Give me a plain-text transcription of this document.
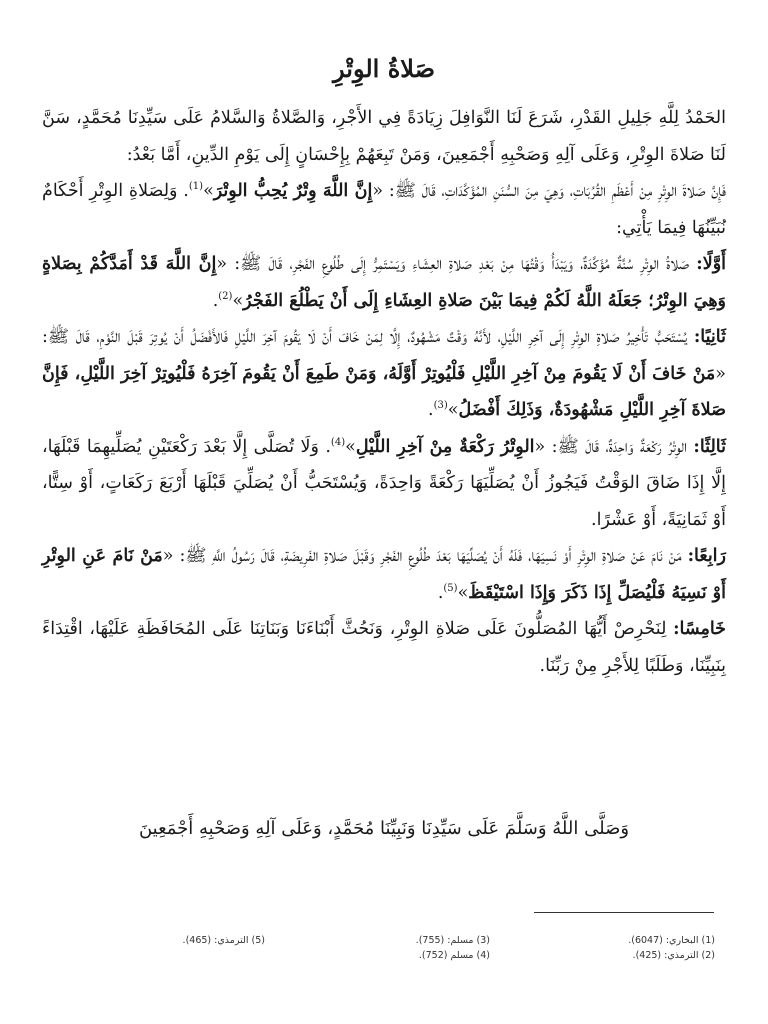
صَلاةُ الوِتْرِ

الحَمْدُ لِلَّهِ جَلِيلِ القَدْرِ، شَرَعَ لَنَا النَّوَافِلَ زِيَادَةً فِي الأَجْرِ، وَالصَّلاةُ وَالسَّلامُ عَلَى سَيِّدِنَا مُحَمَّدٍ، سَنَّ لَنَا صَلاةَ الوِتْرِ، وَعَلَى آلِهِ وَصَحْبِهِ أَجْمَعِينَ، وَمَنْ تَبِعَهُمْ بِإِحْسَانٍ إِلَى يَوْمِ الدِّينِ، أَمَّا بَعْدُ:

فَإِنَّ صَلاةَ الوِتْرِ مِنْ أَعْظَمِ القُرُبَاتِ، وَهِيَ مِنَ السُّنَنِ المُؤَكَّدَاتِ، قَالَ ﷺ: «إِنَّ اللَّهَ وِتْرٌ يُحِبُّ الوِتْرَ»$^{(1)}$. وَلِصَلاةِ الوِتْرِ أَحْكَامٌ نُبَيِّنُهَا فِيمَا يَأْتِي:

أَوَّلًا: صَلاةُ الوِتْرِ سُنَّةٌ مُؤَكَّدَةٌ، وَيَبْدَأُ وَقْتُهَا مِنْ بَعْدِ صَلاةِ العِشَاءِ وَيَسْتَمِرُّ إِلَى طُلُوعِ الفَجْرِ، قَالَ ﷺ: «إِنَّ اللَّهَ قَدْ أَمَدَّكُمْ بِصَلاةٍ وَهِيَ الوِتْرُ؛ جَعَلَهُ اللَّهُ لَكُمْ فِيمَا بَيْنَ صَلاةِ العِشَاءِ إِلَى أَنْ يَطْلُعَ الفَجْرُ»$^{(2)}$.

ثَانِيًا: يُسْتَحَبُّ تَأْخِيرُ صَلاةِ الوِتْرِ إِلَى آخِرِ اللَّيْلِ، لأَنَّهُ وَقْتٌ مَشْهُودٌ، إِلَّا لِمَنْ خَافَ أَنْ لَا يَقُومَ آخِرَ اللَّيْلِ فَالأَفْضَلُ أَنْ يُوتِرَ قَبْلَ النَّوْمِ، قَالَ ﷺ: «مَنْ خَافَ أَنْ لَا يَقُومَ مِنْ آخِرِ اللَّيْلِ فَلْيُوتِرْ أَوَّلَهُ، وَمَنْ طَمِعَ أَنْ يَقُومَ آخِرَهُ فَلْيُوتِرْ آخِرَ اللَّيْلِ، فَإِنَّ صَلاةَ آخِرِ اللَّيْلِ مَشْهُودَةٌ، وَذَلِكَ أَفْضَلُ»$^{(3)}$.

ثَالِثًا: الوِتْرُ رَكْعَةٌ وَاحِدَةٌ، قَالَ ﷺ: «الوِتْرُ رَكْعَةٌ مِنْ آخِرِ اللَّيْلِ»$^{(4)}$. وَلَا تُصَلَّى إِلَّا بَعْدَ رَكْعَتَيْنِ يُصَلِّيهِمَا قَبْلَهَا، إِلَّا إِذَا ضَاقَ الوَقْتُ فَيَجُوزُ أَنْ يُصَلِّيَهَا رَكْعَةً وَاحِدَةً، وَيُسْتَحَبُّ أَنْ يُصَلِّيَ قَبْلَهَا أَرْبَعَ رَكَعَاتٍ، أَوْ سِتًّا، أَوْ ثَمَانِيَةً، أَوْ عَشْرًا.

رَابِعًا: مَنْ نَامَ عَنْ صَلاةِ الوِتْرِ أَوْ نَسِيَهَا، فَلَهُ أَنْ يُصَلِّيَهَا بَعْدَ طُلُوعِ الفَجْرِ وَقَبْلَ صَلاةِ الفَرِيضَةِ، قَالَ رَسُولُ اللَّهِ ﷺ: «مَنْ نَامَ عَنِ الوِتْرِ أَوْ نَسِيَهُ فَلْيُصَلِّ إِذَا ذَكَرَ وَإِذَا اسْتَيْقَظَ»$^{(5)}$.

خَامِسًا: لِنَحْرِصْ أَيُّهَا المُصَلُّونَ عَلَى صَلاةِ الوِتْرِ، وَنَحُثَّ أَبْنَاءَنَا وَبَنَاتِنَا عَلَى المُحَافَظَةِ عَلَيْهَا، اقْتِدَاءً بِنَبِيِّنَا، وَطَلَبًا لِلأَجْرِ مِنْ رَبِّنَا.

وَصَلَّى اللَّهُ وَسَلَّمَ عَلَى سَيِّدِنَا وَنَبِيِّنَا مُحَمَّدٍ، وَعَلَى آلِهِ وَصَحْبِهِ أَجْمَعِينَ
(1) البخاري: (6047).
(3) مسلم: (755).
(5) الترمذي: (465).
(2) الترمذي: (425).
(4) مسلم (752).
